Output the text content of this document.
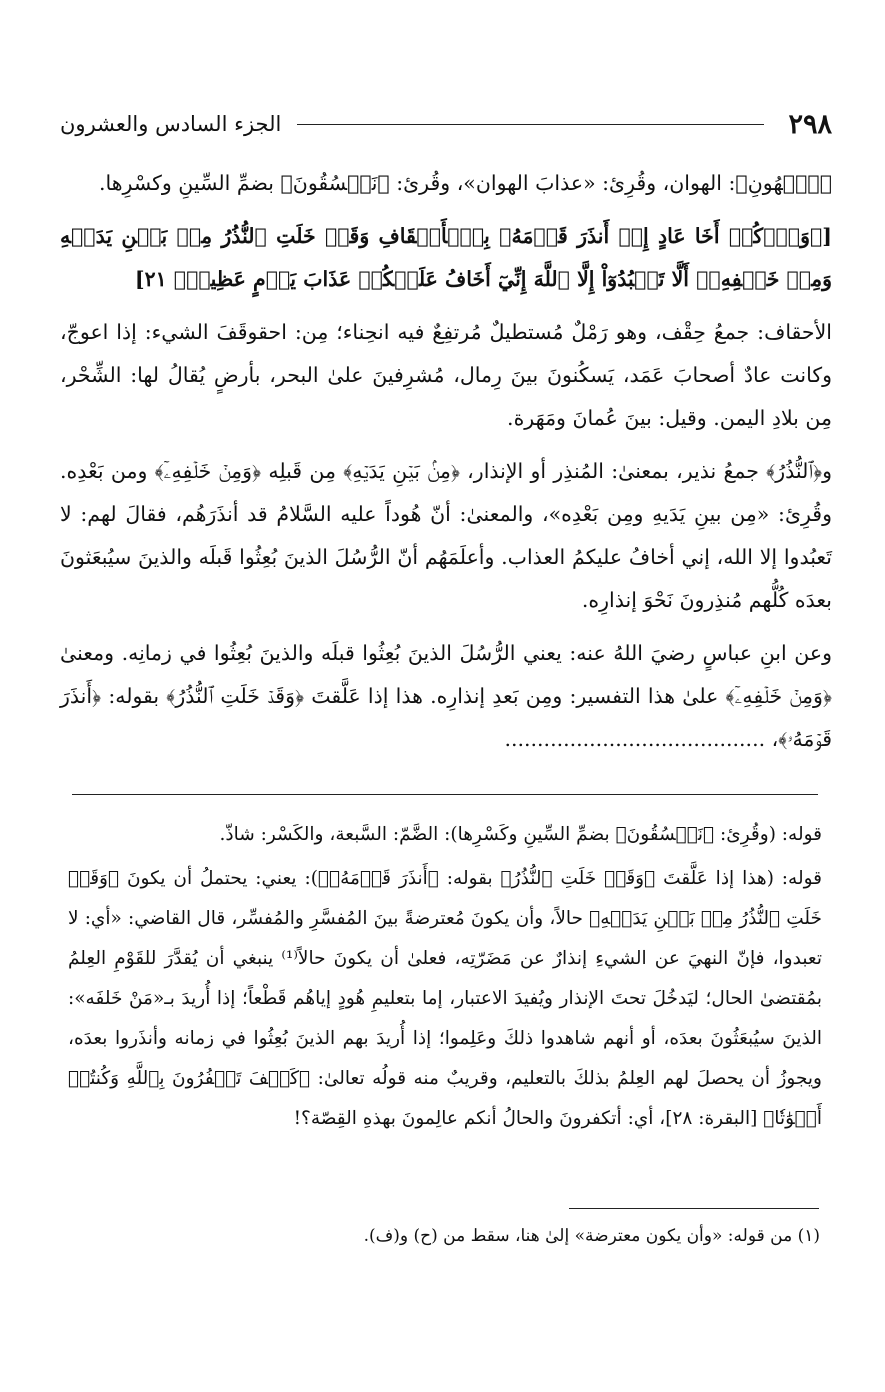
٢٩٨
الجزء السادس والعشرون

﴿ٱلۡهُونِ﴾: الهوان، وقُرِئ: «عذابَ الهوان»، وقُرئ: ﴿نَفۡسُقُونَ﴾ بضمِّ السِّينِ وكسْرِها.

[﴿وَٱذۡكُرۡ أَخَا عَادٍ إِذۡ أَنذَرَ قَوۡمَهُۥ بِٱلۡأَحۡقَافِ وَقَدۡ خَلَتِ ٱلنُّذُرُ مِنۢ بَيۡنِ يَدَيۡهِ وَمِنۡ خَلۡفِهِۦٓ أَلَّا تَعۡبُدُوٓاْ إِلَّا ٱللَّهَ إِنِّيٓ أَخَافُ عَلَيۡكُمۡ عَذَابَ يَوۡمٍ عَظِيمٖ﴾ ٢١]

الأحقاف: جمعُ حِقْف، وهو رَمْلٌ مُستطيلٌ مُرتفِعٌ فيه انحِناء؛ مِن: احقوقَفَ الشيء: إذا اعوجّ، وكانت عادٌ أصحابَ عَمَد، يَسكُنونَ بينَ رِمال، مُشرِفينَ علىٰ البحر، بأرضٍ يُقالُ لها: الشِّحْر، مِن بلادِ اليمن. وقيل: بينَ عُمانَ ومَهَرة.

و﴿ٱلنُّذُرُ﴾ جمعُ نذير، بمعنىٰ: المُنذِر أو الإنذار، ﴿مِنۢ بَيۡنِ يَدَيۡهِ﴾ مِن قَبلِه ﴿وَمِنۡ خَلۡفِهِۦٓ﴾ ومن بَعْدِه. وقُرِئ: «مِن بينِ يَدَيهِ ومِن بَعْدِه»، والمعنىٰ: أنّ هُوداً عليه السَّلامُ قد أنذَرَهُم، فقالَ لهم: لا تَعبُدوا إلا الله، إني أخافُ عليكمُ العذاب. وأعلَمَهُم أنّ الرُّسُلَ الذينَ بُعِثُوا قَبلَه والذينَ سيُبعَثونَ بعدَه كُلُّهم مُنذِرونَ نَحْوَ إنذارِه.

وعن ابنِ عباسٍ رضيَ اللهُ عنه: يعني الرُّسُلَ الذينَ بُعِثُوا قبلَه والذينَ بُعِثُوا في زمانِه. ومعنىٰ ﴿وَمِنۡ خَلۡفِهِۦٓ﴾ علىٰ هذا التفسير: ومِن بَعدِ إنذارِه. هذا إذا عَلَّقتَ ﴿وَقَدۡ خَلَتِ ٱلنُّذُرُ﴾ بقوله: ﴿أَنذَرَ قَوۡمَهُۥ﴾، ........................................

قوله: (وقُرِئ: ﴿نَفۡسُقُونَ﴾ بضمِّ السِّينِ وكَسْرِها): الضَّمّ: السَّبعة، والكَسْر: شاذّ.

قوله: (هذا إذا عَلَّقتَ ﴿وَقَدۡ خَلَتِ ٱلنُّذُرُ﴾ بقوله: ﴿أَنذَرَ قَوۡمَهُۥ﴾): يعني: يحتملُ أن يكونَ ﴿وَقَدۡ خَلَتِ ٱلنُّذُرُ مِنۢ بَيۡنِ يَدَيۡهِ﴾ حالاً، وأن يكونَ مُعترضةً بينَ المُفسَّرِ والمُفسِّر، قال القاضي: «أي: لا تعبدوا، فإنّ النهيَ عن الشيءِ إنذارٌ عن مَضَرّتِه، فعلىٰ أن يكونَ حالاً⁽¹⁾ ينبغي أن يُقدَّرَ للقَوْمِ العِلمُ بمُقتضىٰ الحال؛ ليَدخُلَ تحتَ الإنذار ويُفيدَ الاعتبار، إما بتعليمِ هُودٍ إياهُم قَطْعاً؛ إذا أُريدَ بـ«مَنْ خَلفَه»: الذينَ سيُبعَثُونَ بعدَه، أو أنهم شاهدوا ذلكَ وعَلِموا؛ إذا أُريدَ بهم الذينَ بُعِثُوا في زمانه وأنذَروا بعدَه، ويجوزُ أن يحصلَ لهم العِلمُ بذلكَ بالتعليم، وقريبٌ منه قولُه تعالىٰ: ﴿كَيۡفَ تَكۡفُرُونَ بِٱللَّهِ وَكُنتُمۡ أَمۡوَٰتٗا﴾ [البقرة: ٢٨]، أي: أتكفرونَ والحالُ أنكم عالِمونَ بهذهِ القِصّة؟!

(١) من قوله: «وأن يكون معترضة» إلىٰ هنا، سقط من (ح) و(ف).
